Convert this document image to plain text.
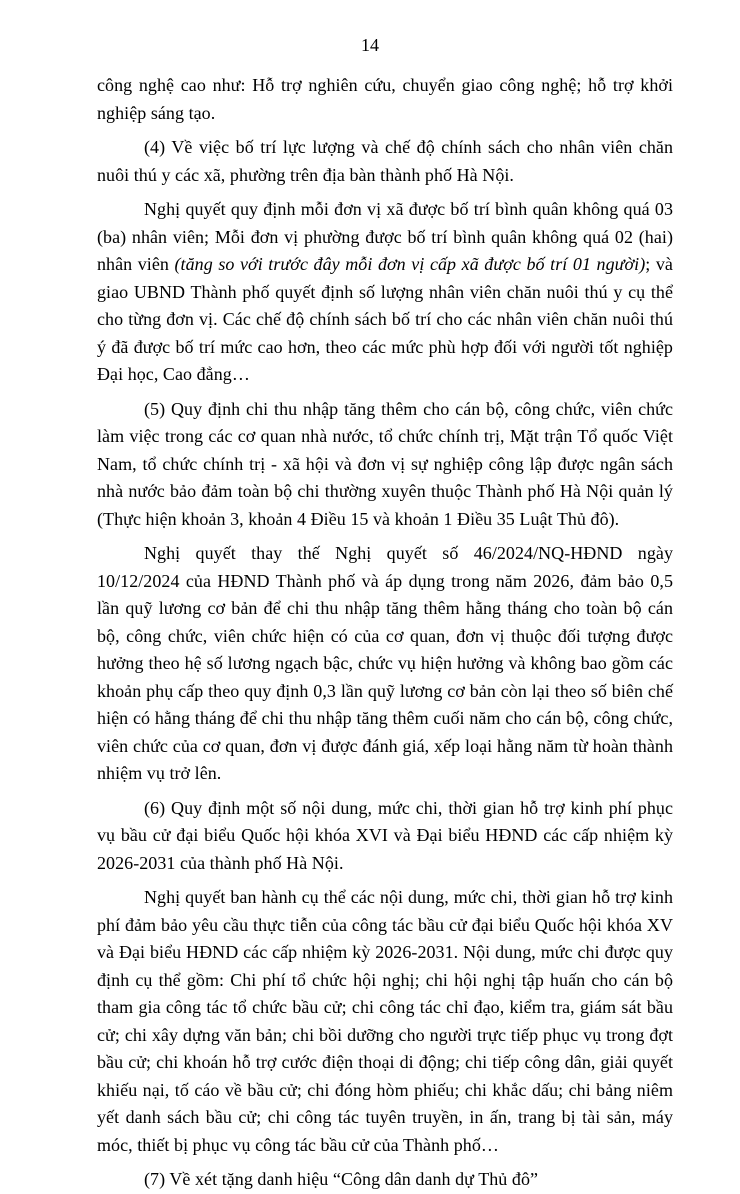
14

công nghệ cao như: Hỗ trợ nghiên cứu, chuyển giao công nghệ; hỗ trợ khởi nghiệp sáng tạo.

(4) Về việc bố trí lực lượng và chế độ chính sách cho nhân viên chăn nuôi thú y các xã, phường trên địa bàn thành phố Hà Nội.

Nghị quyết quy định mỗi đơn vị xã được bố trí bình quân không quá 03 (ba) nhân viên; Mỗi đơn vị phường được bố trí bình quân không quá 02 (hai) nhân viên (tăng so với trước đây mỗi đơn vị cấp xã được bố trí 01 người); và giao UBND Thành phố quyết định số lượng nhân viên chăn nuôi thú y cụ thể cho từng đơn vị. Các chế độ chính sách bố trí cho các nhân viên chăn nuôi thú ý đã được bố trí mức cao hơn, theo các mức phù hợp đối với người tốt nghiệp Đại học, Cao đẳng…

(5) Quy định chi thu nhập tăng thêm cho cán bộ, công chức, viên chức làm việc trong các cơ quan nhà nước, tổ chức chính trị, Mặt trận Tổ quốc Việt Nam, tổ chức chính trị - xã hội và đơn vị sự nghiệp công lập được ngân sách nhà nước bảo đảm toàn bộ chi thường xuyên thuộc Thành phố Hà Nội quản lý (Thực hiện khoản 3, khoản 4 Điều 15 và khoản 1 Điều 35 Luật Thủ đô).

Nghị quyết thay thế Nghị quyết số 46/2024/NQ-HĐND ngày 10/12/2024 của HĐND Thành phố và áp dụng trong năm 2026, đảm bảo 0,5 lần quỹ lương cơ bản để chi thu nhập tăng thêm hằng tháng cho toàn bộ cán bộ, công chức, viên chức hiện có của cơ quan, đơn vị thuộc đối tượng được hưởng theo hệ số lương ngạch bậc, chức vụ hiện hưởng và không bao gồm các khoản phụ cấp theo quy định 0,3 lần quỹ lương cơ bản còn lại theo số biên chế hiện có hằng tháng để chi thu nhập tăng thêm cuối năm cho cán bộ, công chức, viên chức của cơ quan, đơn vị được đánh giá, xếp loại hằng năm từ hoàn thành nhiệm vụ trở lên.

(6) Quy định một số nội dung, mức chi, thời gian hỗ trợ kinh phí phục vụ bầu cử đại biểu Quốc hội khóa XVI và Đại biểu HĐND các cấp nhiệm kỳ 2026-2031 của thành phố Hà Nội.

Nghị quyết ban hành cụ thể các nội dung, mức chi, thời gian hỗ trợ kinh phí đảm bảo yêu cầu thực tiễn của công tác bầu cử đại biểu Quốc hội khóa XV và Đại biểu HĐND các cấp nhiệm kỳ 2026-2031. Nội dung, mức chi được quy định cụ thể gồm: Chi phí tổ chức hội nghị; chi hội nghị tập huấn cho cán bộ tham gia công tác tổ chức bầu cử; chi công tác chỉ đạo, kiểm tra, giám sát bầu cử; chi xây dựng văn bản; chi bồi dưỡng cho người trực tiếp phục vụ trong đợt bầu cử; chi khoán hỗ trợ cước điện thoại di động; chi tiếp công dân, giải quyết khiếu nại, tố cáo về bầu cử; chi đóng hòm phiếu; chi khắc dấu; chi bảng niêm yết danh sách bầu cử; chi công tác tuyên truyền, in ấn, trang bị tài sản, máy móc, thiết bị phục vụ công tác bầu cử của Thành phố…

(7) Về xét tặng danh hiệu “Công dân danh dự Thủ đô”
